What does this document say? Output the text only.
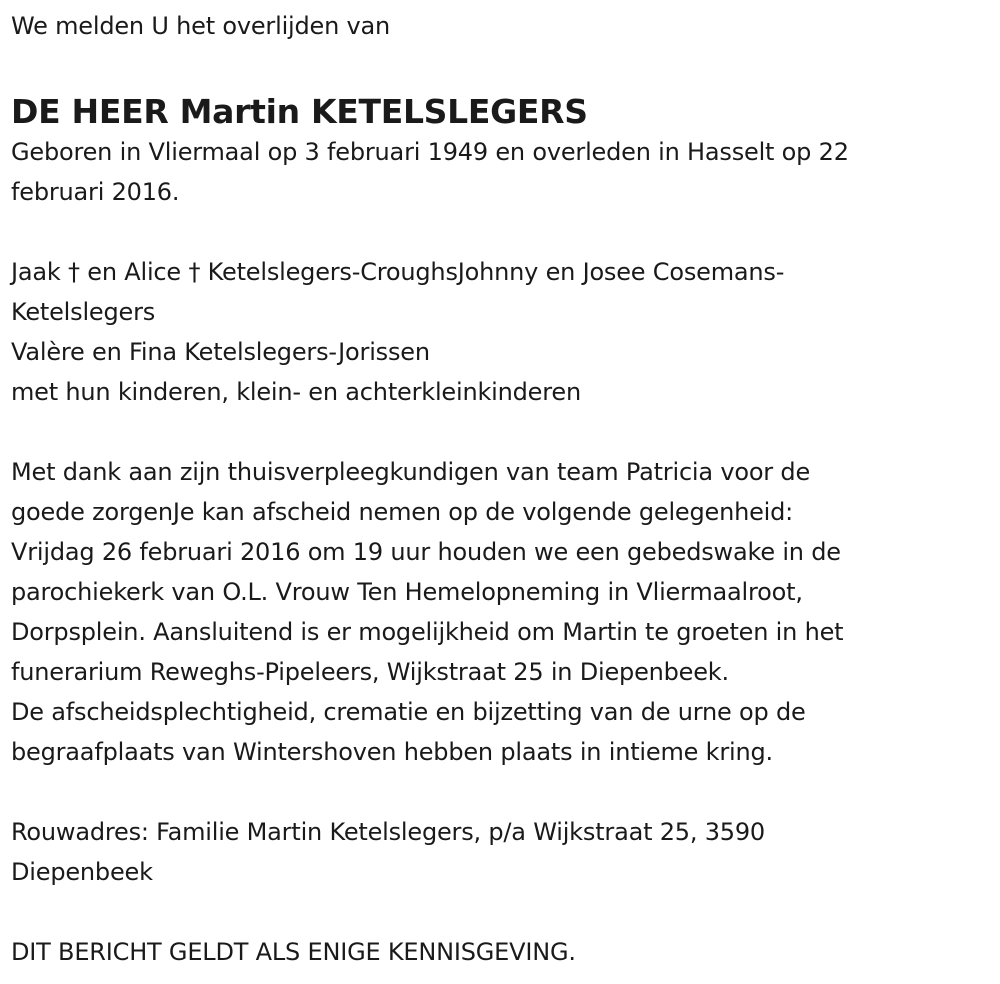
We melden U het overlijden van
DE HEER Martin KETELSLEGERS
Geboren in Vliermaal op 3 februari 1949 en overleden in Hasselt op 22
februari 2016.
Jaak † en Alice † Ketelslegers-CroughsJohnny en Josee Cosemans-
Ketelslegers
Valère en Fina Ketelslegers-Jorissen
met hun kinderen, klein- en achterkleinkinderen
Met dank aan zijn thuisverpleegkundigen van team Patricia voor de
goede zorgenJe kan afscheid nemen op de volgende gelegenheid:
Vrijdag 26 februari 2016 om 19 uur houden we een gebedswake in de
parochiekerk van O.L. Vrouw Ten Hemelopneming in Vliermaalroot,
Dorpsplein. Aansluitend is er mogelijkheid om Martin te groeten in het
funerarium Reweghs-Pipeleers, Wijkstraat 25 in Diepenbeek.
De afscheidsplechtigheid, crematie en bijzetting van de urne op de
begraafplaats van Wintershoven hebben plaats in intieme kring.
Rouwadres: Familie Martin Ketelslegers, p/a Wijkstraat 25, 3590
Diepenbeek
DIT BERICHT GELDT ALS ENIGE KENNISGEVING.
